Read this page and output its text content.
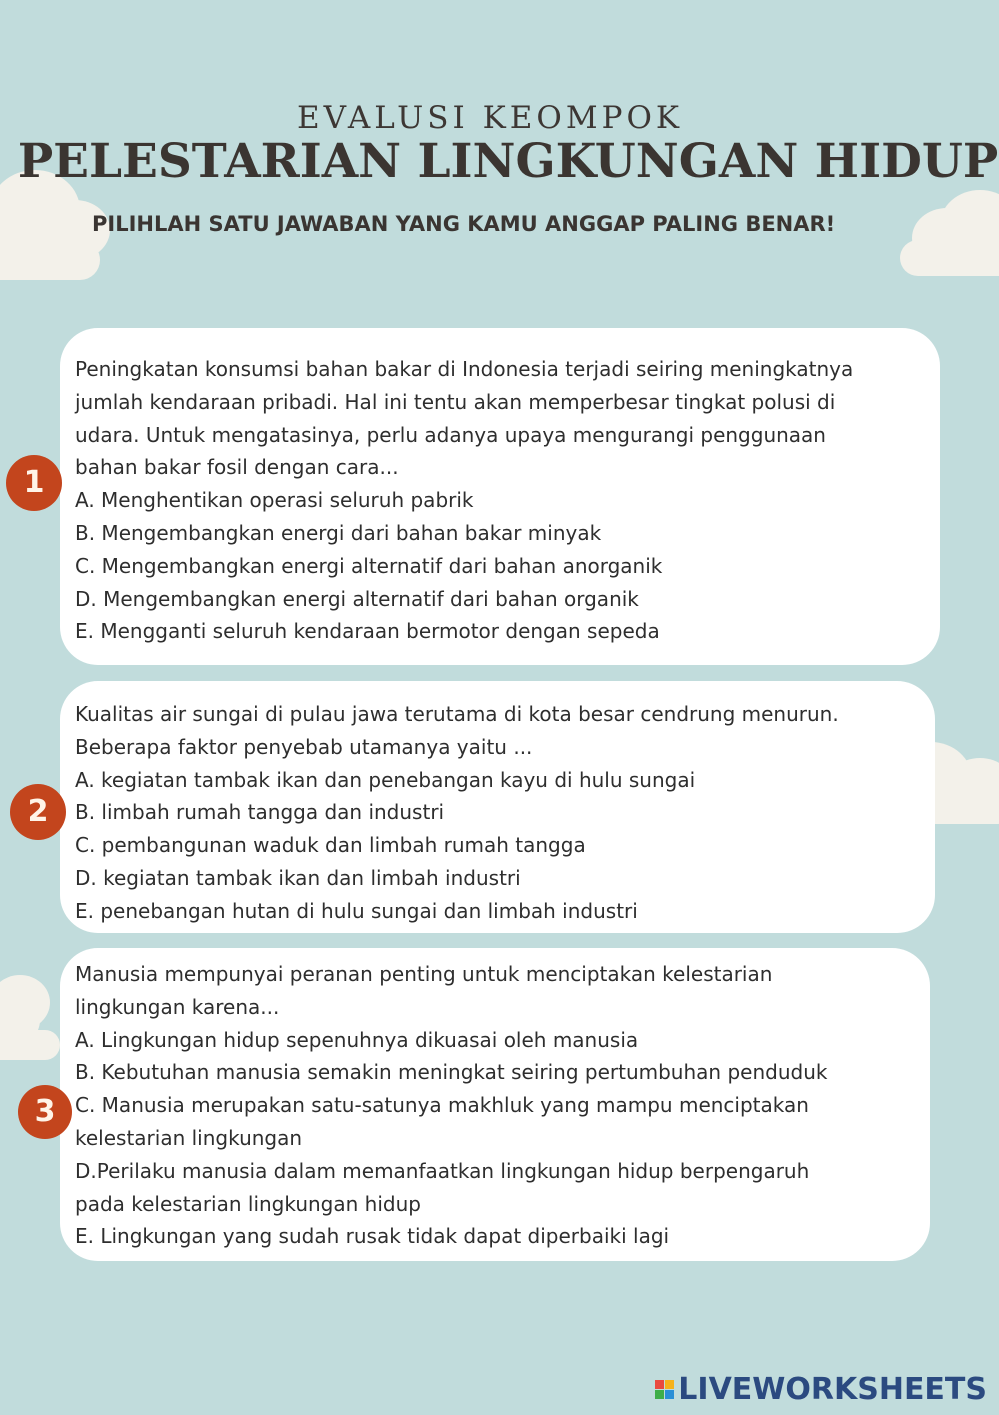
EVALUSI KEOMPOK
PELESTARIAN LINGKUNGAN HIDUP
PILIHLAH SATU JAWABAN YANG KAMU ANGGAP PALING BENAR!
Peningkatan konsumsi bahan bakar di Indonesia terjadi seiring meningkatnya
jumlah kendaraan pribadi. Hal ini tentu akan memperbesar tingkat polusi di
udara. Untuk mengatasinya, perlu adanya upaya mengurangi penggunaan
bahan bakar fosil dengan cara...
A. Menghentikan operasi seluruh pabrik
B. Mengembangkan energi dari bahan bakar minyak
C. Mengembangkan energi alternatif dari bahan anorganik
D. Mengembangkan energi alternatif dari bahan organik
E. Mengganti seluruh kendaraan bermotor dengan sepeda
1
Kualitas air sungai di pulau jawa terutama di kota besar cendrung menurun.
Beberapa faktor penyebab utamanya yaitu ...
A. kegiatan tambak ikan dan penebangan kayu di hulu sungai
B. limbah rumah tangga dan industri
C. pembangunan waduk dan limbah rumah tangga
D. kegiatan tambak ikan dan limbah industri
E. penebangan hutan di hulu sungai dan limbah industri
2
Manusia mempunyai peranan penting untuk menciptakan kelestarian
lingkungan karena...
A. Lingkungan hidup sepenuhnya dikuasai oleh manusia
B. Kebutuhan manusia semakin meningkat seiring pertumbuhan penduduk
C. Manusia merupakan satu-satunya makhluk yang mampu menciptakan
kelestarian lingkungan
D.Perilaku manusia dalam memanfaatkan lingkungan hidup berpengaruh
pada kelestarian lingkungan hidup
E. Lingkungan yang sudah rusak tidak dapat diperbaiki lagi
3
LIVEWORKSHEETS
